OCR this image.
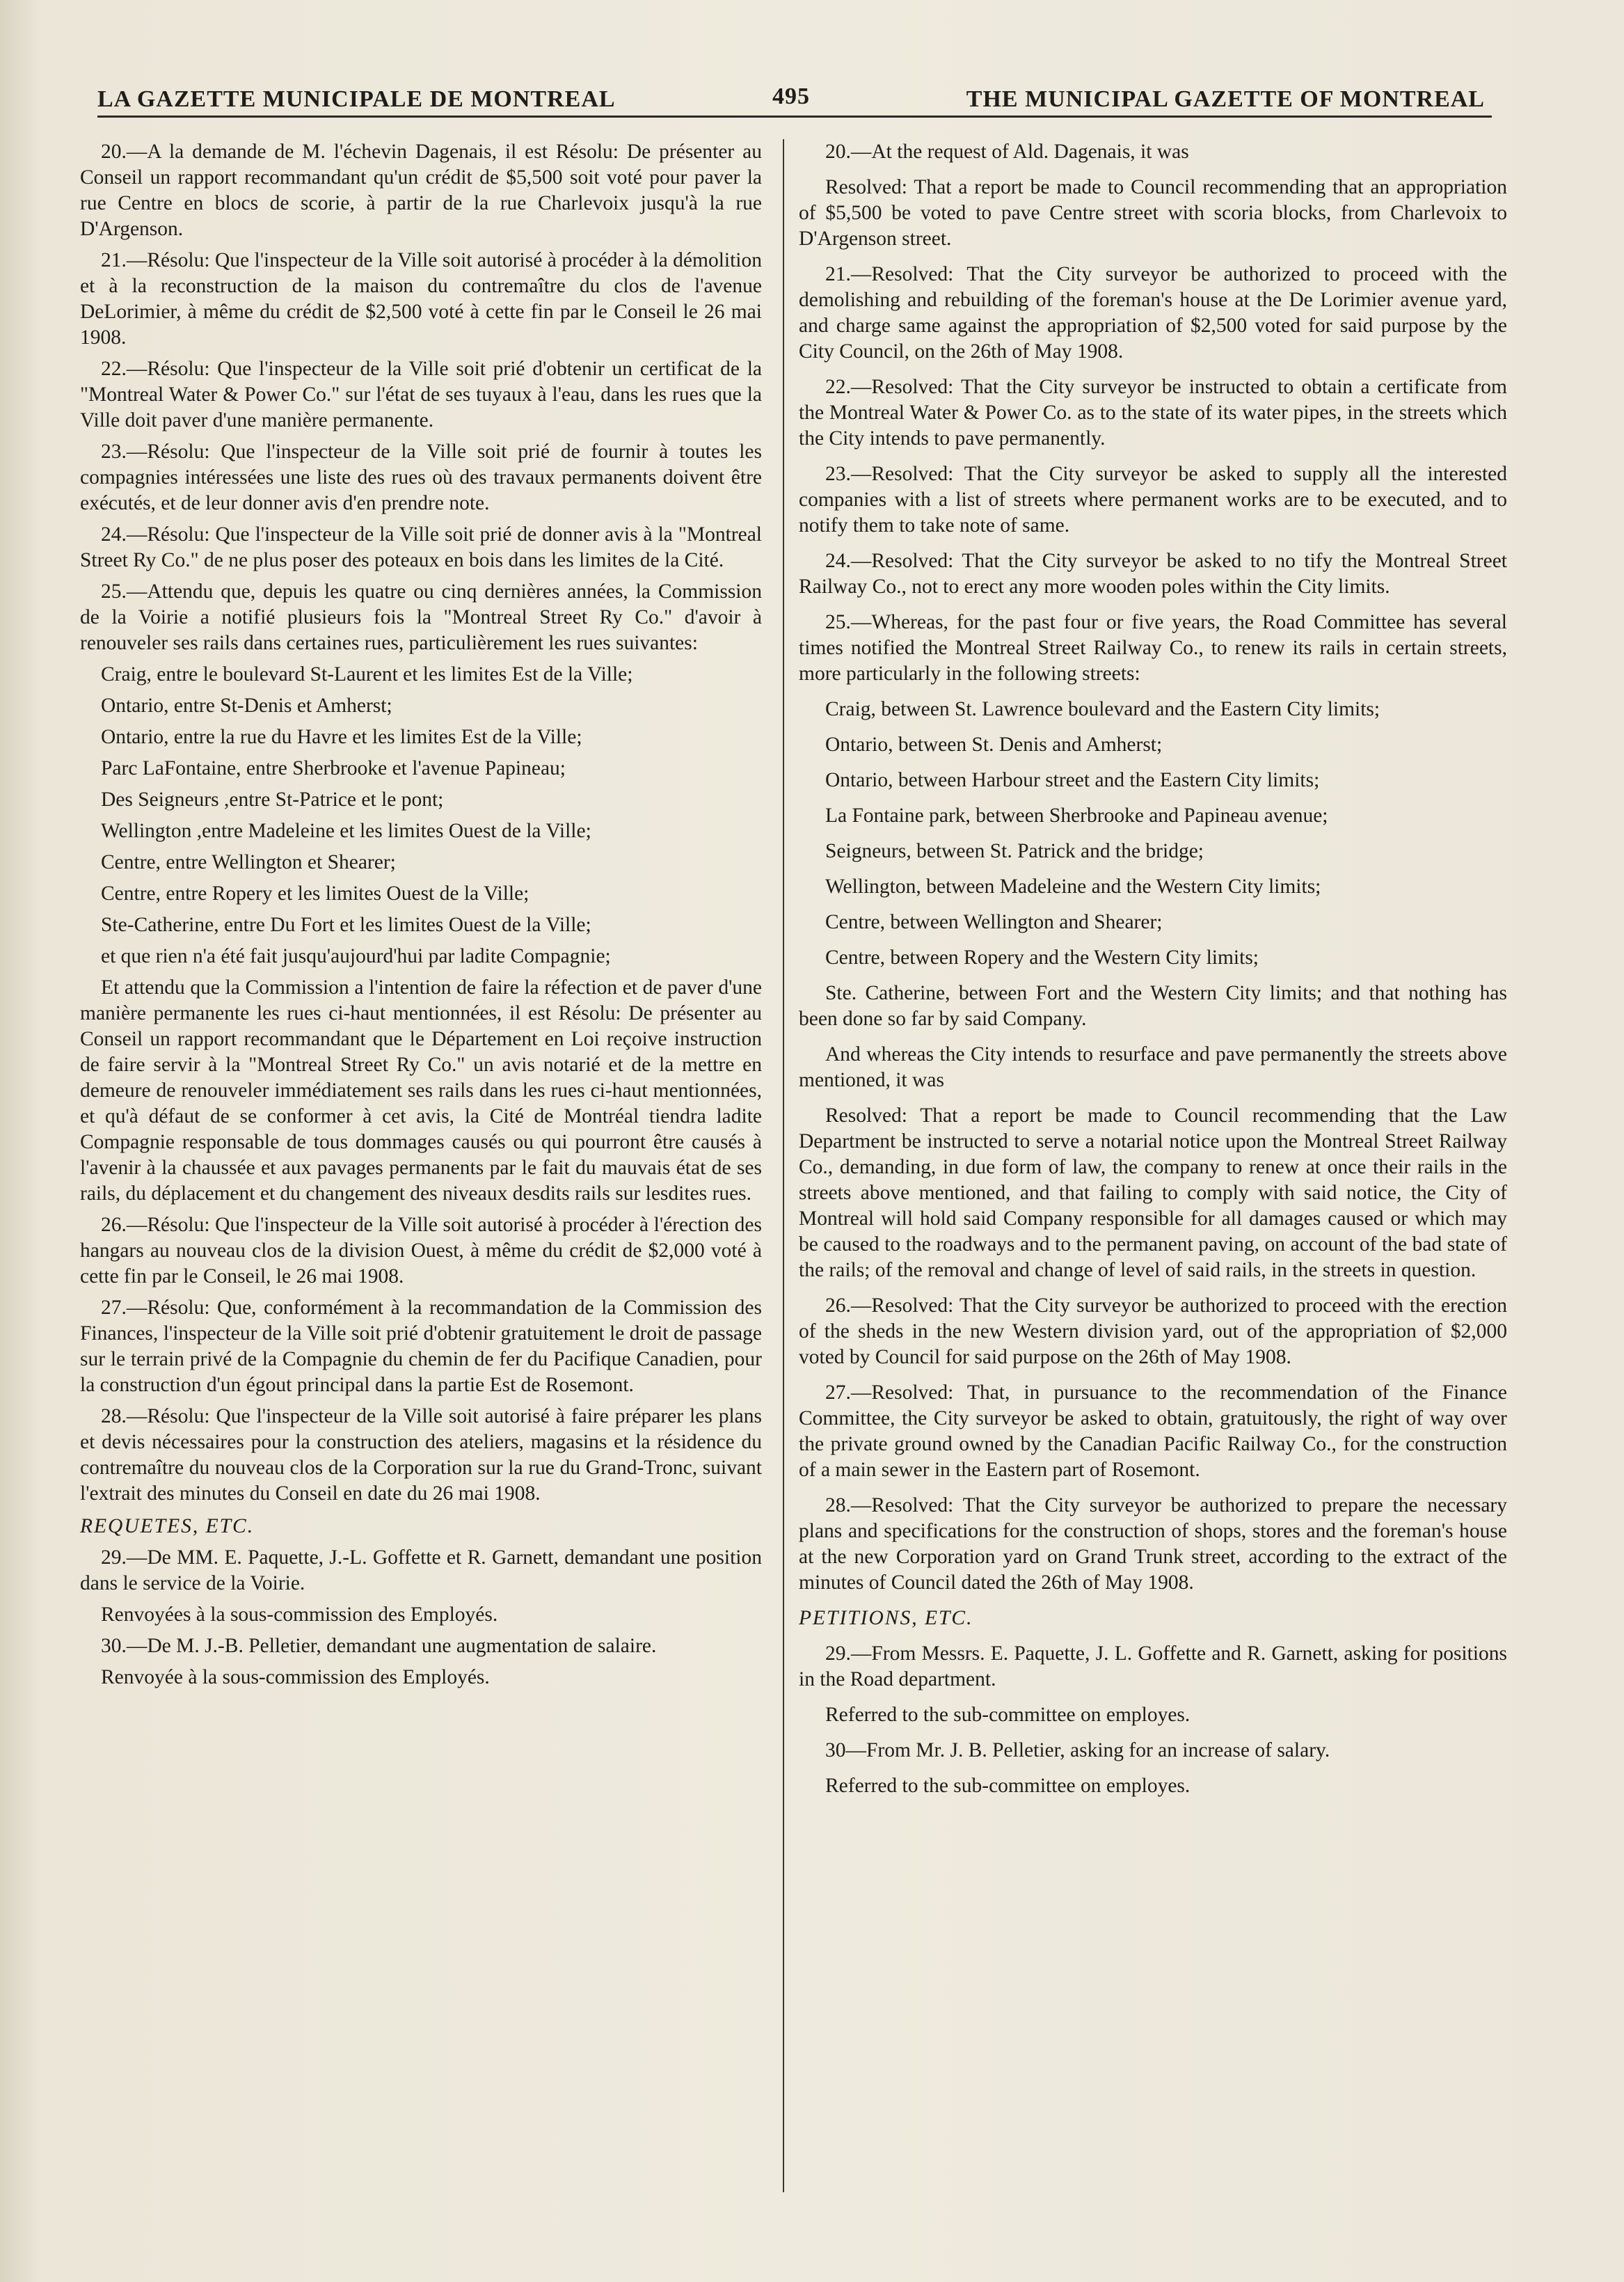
LA GAZETTE MUNICIPALE DE MONTREAL	495	THE MUNICIPAL GAZETTE OF MONTREAL

20.—A la demande de M. l'échevin Dagenais, il est Résolu: De présenter au Conseil un rapport recommandant qu'un crédit de $5,500 soit voté pour paver la rue Centre en blocs de scorie, à partir de la rue Charlevoix jusqu'à la rue D'Argenson.

21.—Résolu: Que l'inspecteur de la Ville soit autorisé à procéder à la démolition et à la reconstruction de la maison du contremaître du clos de l'avenue DeLorimier, à même du crédit de $2,500 voté à cette fin par le Conseil le 26 mai 1908.

22.—Résolu: Que l'inspecteur de la Ville soit prié d'obtenir un certificat de la "Montreal Water & Power Co." sur l'état de ses tuyaux à l'eau, dans les rues que la Ville doit paver d'une manière permanente.

23.—Résolu: Que l'inspecteur de la Ville soit prié de fournir à toutes les compagnies intéressées une liste des rues où des travaux permanents doivent être exécutés, et de leur donner avis d'en prendre note.

24.—Résolu: Que l'inspecteur de la Ville soit prié de donner avis à la "Montreal Street Ry Co." de ne plus poser des poteaux en bois dans les limites de la Cité.

25.—Attendu que, depuis les quatre ou cinq dernières années, la Commission de la Voirie a notifié plusieurs fois la "Montreal Street Ry Co." d'avoir à renouveler ses rails dans certaines rues, particulièrement les rues suivantes:

Craig, entre le boulevard St-Laurent et les limites Est de la Ville;

Ontario, entre St-Denis et Amherst;

Ontario, entre la rue du Havre et les limites Est de la Ville;

Parc LaFontaine, entre Sherbrooke et l'avenue Papineau;

Des Seigneurs ,entre St-Patrice et le pont;

Wellington ,entre Madeleine et les limites Ouest de la Ville;

Centre, entre Wellington et Shearer;

Centre, entre Ropery et les limites Ouest de la Ville;

Ste-Catherine, entre Du Fort et les limites Ouest de la Ville;

et que rien n'a été fait jusqu'aujourd'hui par ladite Compagnie;

Et attendu que la Commission a l'intention de faire la réfection et de paver d'une manière permanente les rues ci-haut mentionnées, il est Résolu: De présenter au Conseil un rapport recommandant que le Département en Loi reçoive instruction de faire servir à la "Montreal Street Ry Co." un avis notarié et de la mettre en demeure de renouveler immédiatement ses rails dans les rues ci-haut mentionnées, et qu'à défaut de se conformer à cet avis, la Cité de Montréal tiendra ladite Compagnie responsable de tous dommages causés ou qui pourront être causés à l'avenir à la chaussée et aux pavages permanents par le fait du mauvais état de ses rails, du déplacement et du changement des niveaux desdits rails sur lesdites rues.

26.—Résolu: Que l'inspecteur de la Ville soit autorisé à procéder à l'érection des hangars au nouveau clos de la division Ouest, à même du crédit de $2,000 voté à cette fin par le Conseil, le 26 mai 1908.

27.—Résolu: Que, conformément à la recommandation de la Commission des Finances, l'inspecteur de la Ville soit prié d'obtenir gratuitement le droit de passage sur le terrain privé de la Compagnie du chemin de fer du Pacifique Canadien, pour la construction d'un égout principal dans la partie Est de Rosemont.

28.—Résolu: Que l'inspecteur de la Ville soit autorisé à faire préparer les plans et devis nécessaires pour la construction des ateliers, magasins et la résidence du contremaître du nouveau clos de la Corporation sur la rue du Grand-Tronc, suivant l'extrait des minutes du Conseil en date du 26 mai 1908.

REQUETES, ETC.

29.—De MM. E. Paquette, J.-L. Goffette et R. Garnett, demandant une position dans le service de la Voirie.

Renvoyées à la sous-commission des Employés.

30.—De M. J.-B. Pelletier, demandant une augmentation de salaire.

Renvoyée à la sous-commission des Employés.

20.—At the request of Ald. Dagenais, it was

Resolved: That a report be made to Council recommending that an appropriation of $5,500 be voted to pave Centre street with scoria blocks, from Charlevoix to D'Argenson street.

21.—Resolved: That the City surveyor be authorized to proceed with the demolishing and rebuilding of the foreman's house at the De Lorimier avenue yard, and charge same against the appropriation of $2,500 voted for said purpose by the City Council, on the 26th of May 1908.

22.—Resolved: That the City surveyor be instructed to obtain a certificate from the Montreal Water & Power Co. as to the state of its water pipes, in the streets which the City intends to pave permanently.

23.—Resolved: That the City surveyor be asked to supply all the interested companies with a list of streets where permanent works are to be executed, and to notify them to take note of same.

24.—Resolved: That the City surveyor be asked to no tify the Montreal Street Railway Co., not to erect any more wooden poles within the City limits.

25.—Whereas, for the past four or five years, the Road Committee has several times notified the Montreal Street Railway Co., to renew its rails in certain streets, more particularly in the following streets:

Craig, between St. Lawrence boulevard and the Eastern City limits;

Ontario, between St. Denis and Amherst;

Ontario, between Harbour street and the Eastern City limits;

La Fontaine park, between Sherbrooke and Papineau avenue;

Seigneurs, between St. Patrick and the bridge;

Wellington, between Madeleine and the Western City limits;

Centre, between Wellington and Shearer;

Centre, between Ropery and the Western City limits;

Ste. Catherine, between Fort and the Western City limits; and that nothing has been done so far by said Company.

And whereas the City intends to resurface and pave permanently the streets above mentioned, it was

Resolved: That a report be made to Council recommending that the Law Department be instructed to serve a notarial notice upon the Montreal Street Railway Co., demanding, in due form of law, the company to renew at once their rails in the streets above mentioned, and that failing to comply with said notice, the City of Montreal will hold said Company responsible for all damages caused or which may be caused to the roadways and to the permanent paving, on account of the bad state of the rails; of the removal and change of level of said rails, in the streets in question.

26.—Resolved: That the City surveyor be authorized to proceed with the erection of the sheds in the new Western division yard, out of the appropriation of $2,000 voted by Council for said purpose on the 26th of May 1908.

27.—Resolved: That, in pursuance to the recommendation of the Finance Committee, the City surveyor be asked to obtain, gratuitously, the right of way over the private ground owned by the Canadian Pacific Railway Co., for the construction of a main sewer in the Eastern part of Rosemont.

28.—Resolved: That the City surveyor be authorized to prepare the necessary plans and specifications for the construction of shops, stores and the foreman's house at the new Corporation yard on Grand Trunk street, according to the extract of the minutes of Council dated the 26th of May 1908.

PETITIONS, ETC.

29.—From Messrs. E. Paquette, J. L. Goffette and R. Garnett, asking for positions in the Road department.

Referred to the sub-committee on employes.

30—From Mr. J. B. Pelletier, asking for an increase of salary.

Referred to the sub-committee on employes.
